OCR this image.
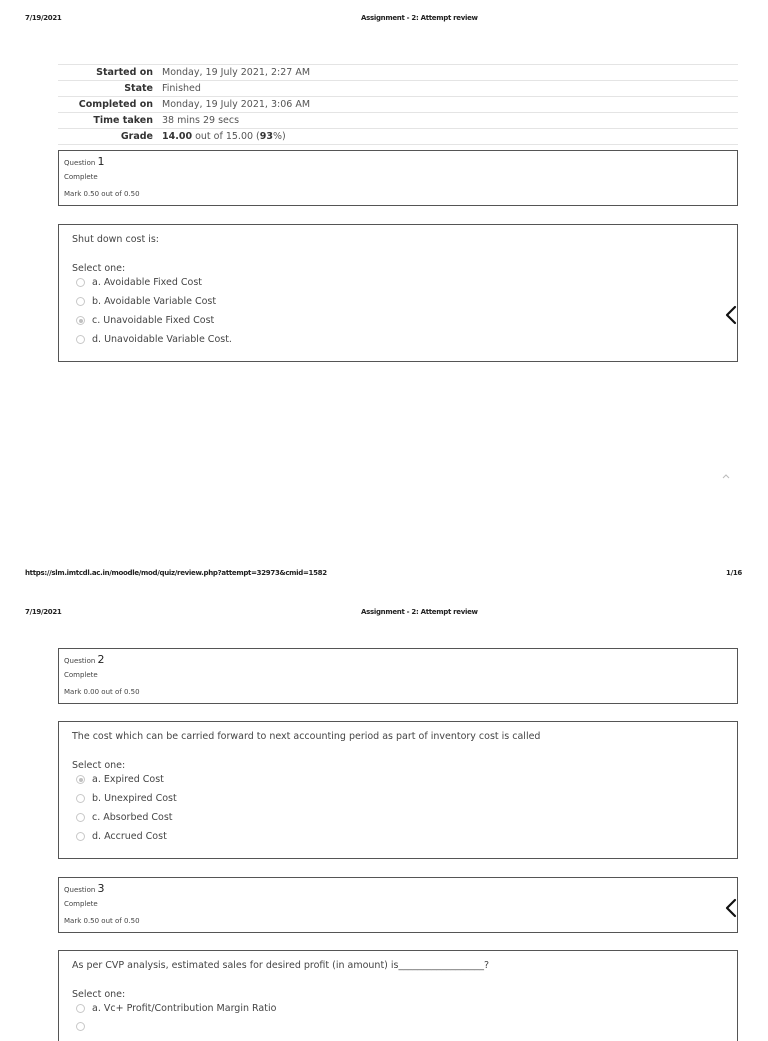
7/19/2021	Assignment - 2: Attempt review
Started on	Monday, 19 July 2021, 2:27 AM
State	Finished
Completed on	Monday, 19 July 2021, 3:06 AM
Time taken	38 mins 29 secs
Grade	14.00 out of 15.00 (93%)
Question 1
Complete
Mark 0.50 out of 0.50
Shut down cost is:
Select one:
a. Avoidable Fixed Cost
b. Avoidable Variable Cost
c. Unavoidable Fixed Cost
d. Unavoidable Variable Cost.
https://slm.imtcdl.ac.in/moodle/mod/quiz/review.php?attempt=32973&cmid=1582	1/16
7/19/2021	Assignment - 2: Attempt review
Question 2
Complete
Mark 0.00 out of 0.50
The cost which can be carried forward to next accounting period as part of inventory cost is called
Select one:
a. Expired Cost
b. Unexpired Cost
c. Absorbed Cost
d. Accrued Cost
Question 3
Complete
Mark 0.50 out of 0.50
As per CVP analysis, estimated sales for desired profit (in amount) is__________________?
Select one:
a. Vc+ Profit/Contribution Margin Ratio
